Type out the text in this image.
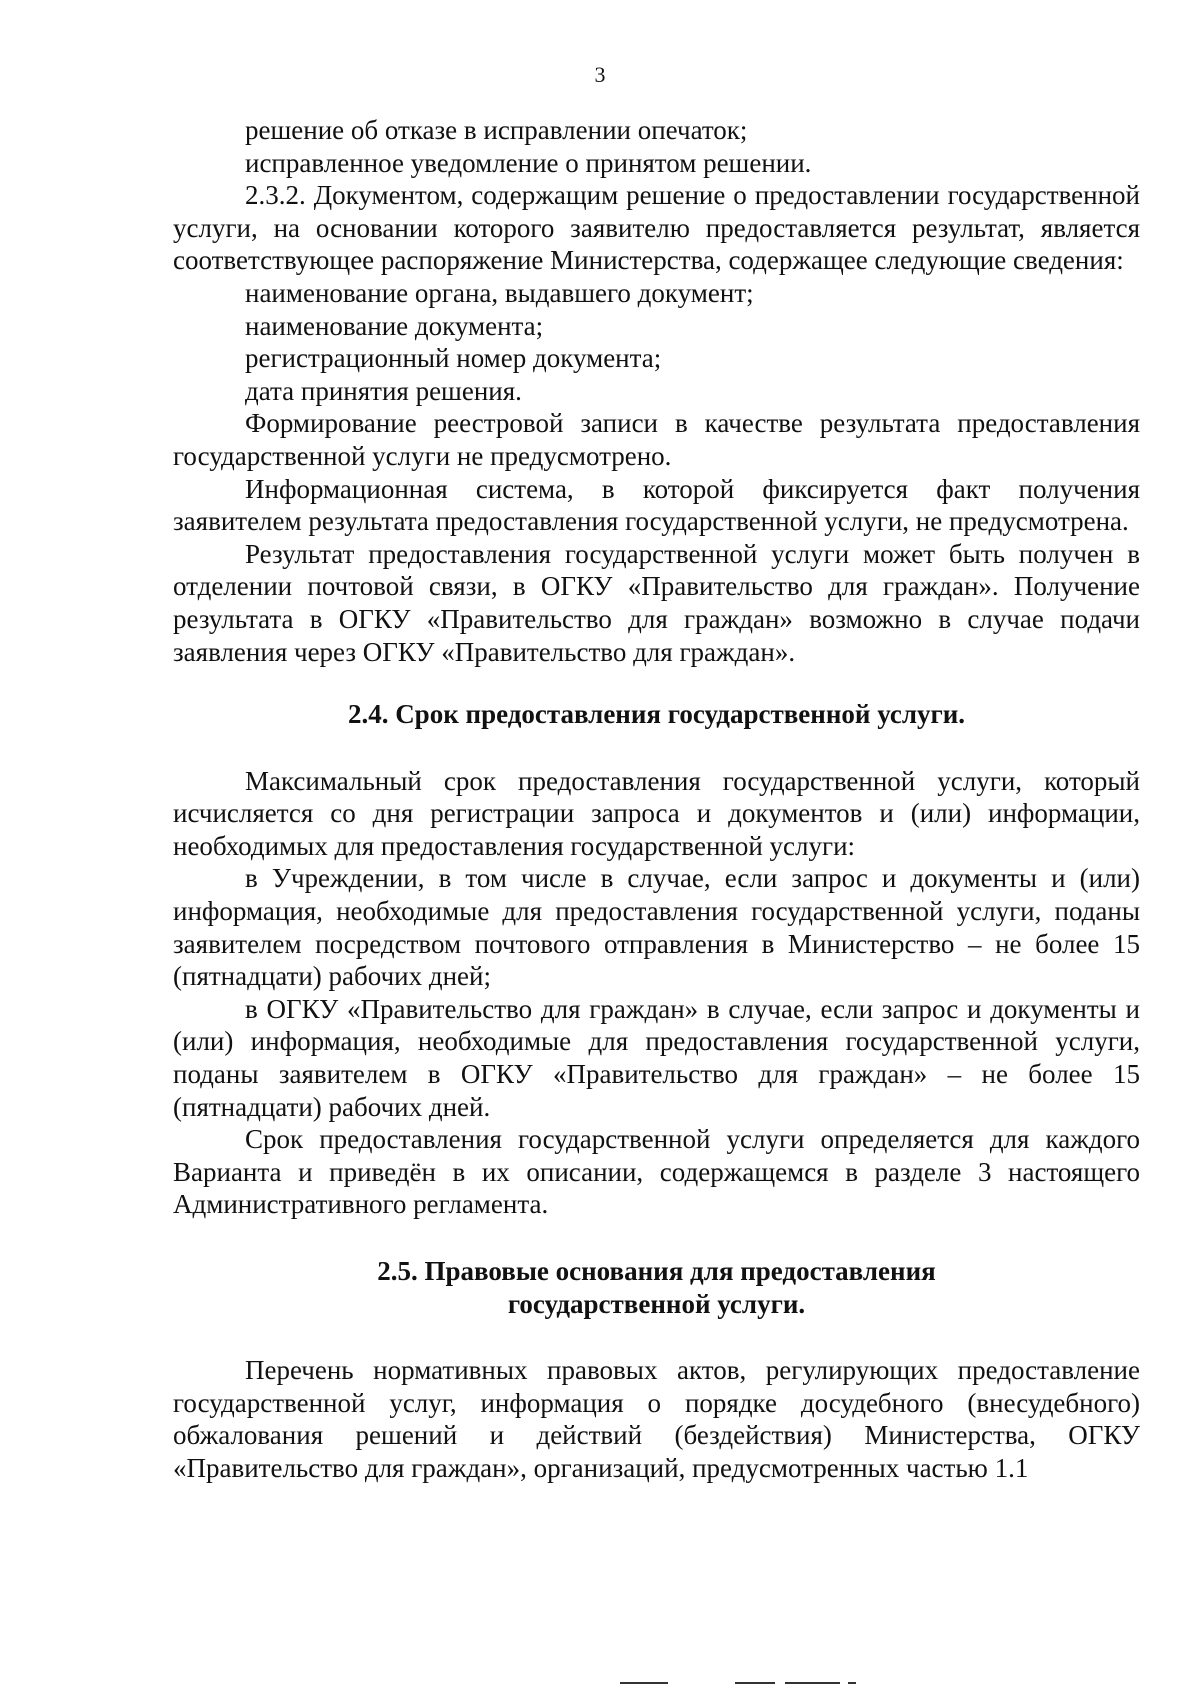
3

решение об отказе в исправлении опечаток;

исправленное уведомление о принятом решении.

2.3.2. Документом, содержащим решение о предоставлении государственной услуги, на основании которого заявителю предоставляется результат, является соответствующее распоряжение Министерства, содержащее следующие сведения:

наименование органа, выдавшего документ;

наименование документа;

регистрационный номер документа;

дата принятия решения.

Формирование реестровой записи в качестве результата предоставления государственной услуги не предусмотрено.

Информационная система, в которой фиксируется факт получения заявителем результата предоставления государственной услуги, не предусмотрена.

Результат предоставления государственной услуги может быть получен в отделении почтовой связи, в ОГКУ «Правительство для граждан». Получение результата в ОГКУ «Правительство для граждан» возможно в случае подачи заявления через ОГКУ «Правительство для граждан».

2.4. Срок предоставления государственной услуги.

Максимальный срок предоставления государственной услуги, который исчисляется со дня регистрации запроса и документов и (или) информации, необходимых для предоставления государственной услуги:

в Учреждении, в том числе в случае, если запрос и документы и (или) информация, необходимые для предоставления государственной услуги, поданы заявителем посредством почтового отправления в Министерство – не более 15 (пятнадцати) рабочих дней;

в ОГКУ «Правительство для граждан» в случае, если запрос и документы и (или) информация, необходимые для предоставления государственной услуги, поданы заявителем в ОГКУ «Правительство для граждан» – не более 15 (пятнадцати) рабочих дней.

Срок предоставления государственной услуги определяется для каждого Варианта и приведён в их описании, содержащемся в разделе 3 настоящего Административного регламента.

2.5. Правовые основания для предоставления
государственной услуги.

Перечень нормативных правовых актов, регулирующих предоставление государственной услуг, информация о порядке досудебного (внесудебного) обжалования решений и действий (бездействия) Министерства, ОГКУ «Правительство для граждан», организаций, предусмотренных частью 1.1
